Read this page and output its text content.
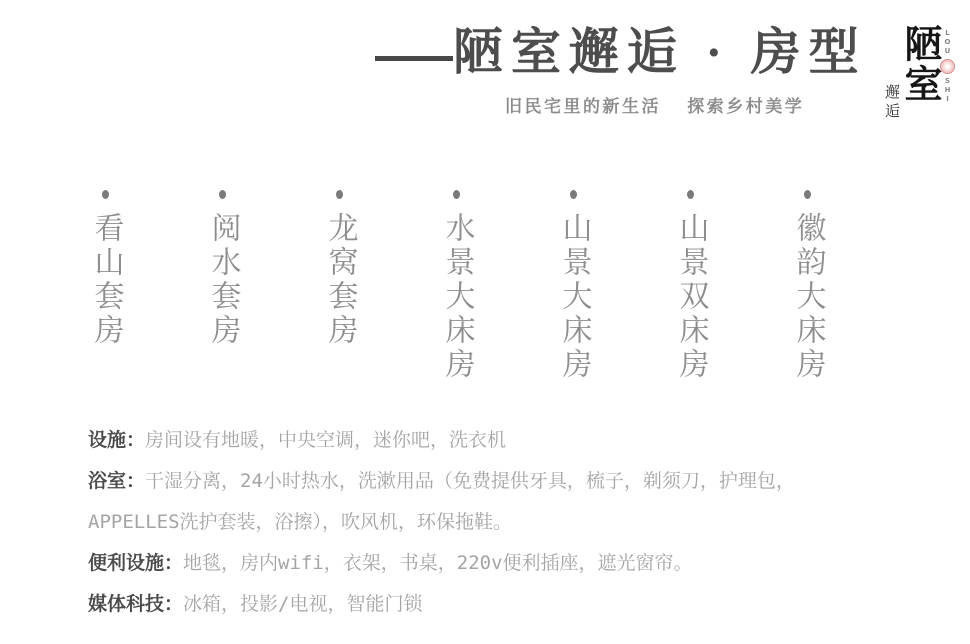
陋室邂逅 · 房型
旧民宅里的新生活　 探索乡村美学
陋室 LOU
SHI
邂逅
看山套房	阅水套房	龙窝套房	水景大床房	山景大床房	山景双床房	徽韵大床房
设施：房间设有地暖，中央空调，迷你吧，洗衣机
浴室：干湿分离，24小时热水，洗漱用品（免费提供牙具，梳子，剃须刀，护理包，
APPELLES洗护套装，浴擦），吹风机，环保拖鞋。
便利设施：地毯，房内wifi，衣架，书桌，220v便利插座，遮光窗帘。
媒体科技：冰箱，投影/电视，智能门锁
